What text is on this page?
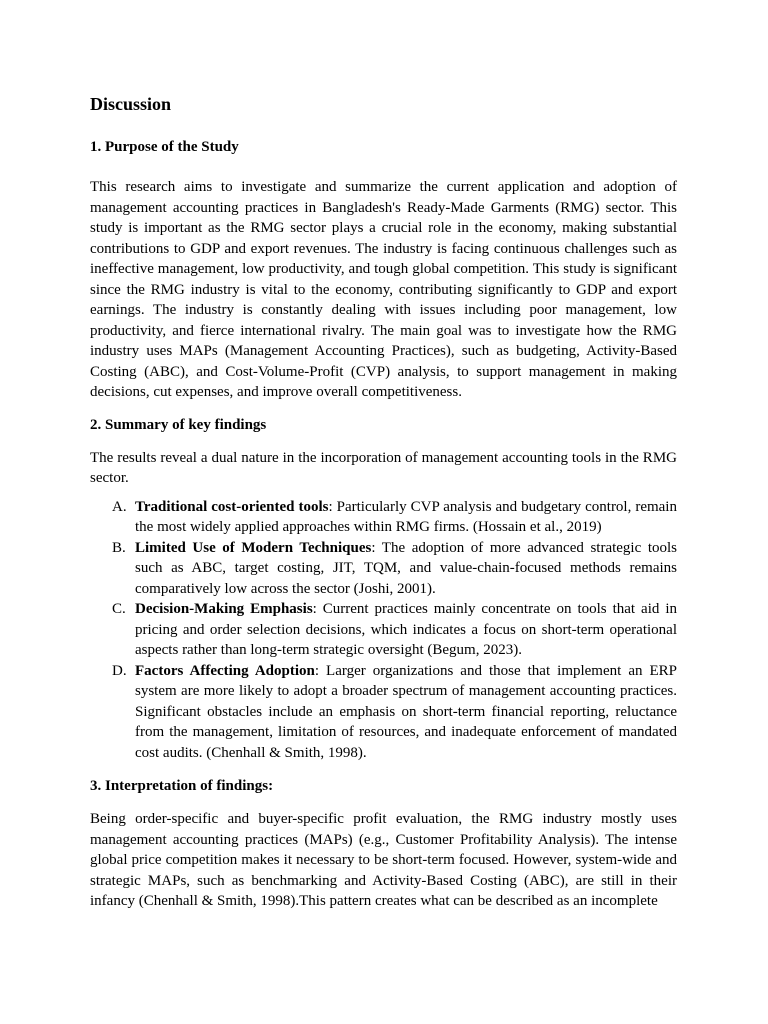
Discussion
1. Purpose of the Study

This research aims to investigate and summarize the current application and adoption of management accounting practices in Bangladesh's Ready-Made Garments (RMG) sector. This study is important as the RMG sector plays a crucial role in the economy, making substantial contributions to GDP and export revenues. The industry is facing continuous challenges such as ineffective management, low productivity, and tough global competition. This study is significant since the RMG industry is vital to the economy, contributing significantly to GDP and export earnings. The industry is constantly dealing with issues including poor management, low productivity, and fierce international rivalry. The main goal was to investigate how the RMG industry uses MAPs (Management Accounting Practices), such as budgeting, Activity-Based Costing (ABC), and Cost-Volume-Profit (CVP) analysis, to support management in making decisions, cut expenses, and improve overall competitiveness.

2. Summary of key findings

The results reveal a dual nature in the incorporation of management accounting tools in the RMG sector.

A. Traditional cost-oriented tools: Particularly CVP analysis and budgetary control, remain the most widely applied approaches within RMG firms. (Hossain et al., 2019)
B. Limited Use of Modern Techniques: The adoption of more advanced strategic tools such as ABC, target costing, JIT, TQM, and value-chain-focused methods remains comparatively low across the sector (Joshi, 2001).
C. Decision-Making Emphasis: Current practices mainly concentrate on tools that aid in pricing and order selection decisions, which indicates a focus on short-term operational aspects rather than long-term strategic oversight (Begum, 2023).
D. Factors Affecting Adoption: Larger organizations and those that implement an ERP system are more likely to adopt a broader spectrum of management accounting practices. Significant obstacles include an emphasis on short-term financial reporting, reluctance from the management, limitation of resources, and inadequate enforcement of mandated cost audits. (Chenhall & Smith, 1998).
3. Interpretation of findings:

Being order-specific and buyer-specific profit evaluation, the RMG industry mostly uses management accounting practices (MAPs) (e.g., Customer Profitability Analysis). The intense global price competition makes it necessary to be short-term focused. However, system-wide and strategic MAPs, such as benchmarking and Activity-Based Costing (ABC), are still in their infancy (Chenhall & Smith, 1998).This pattern creates what can be described as an incomplete
